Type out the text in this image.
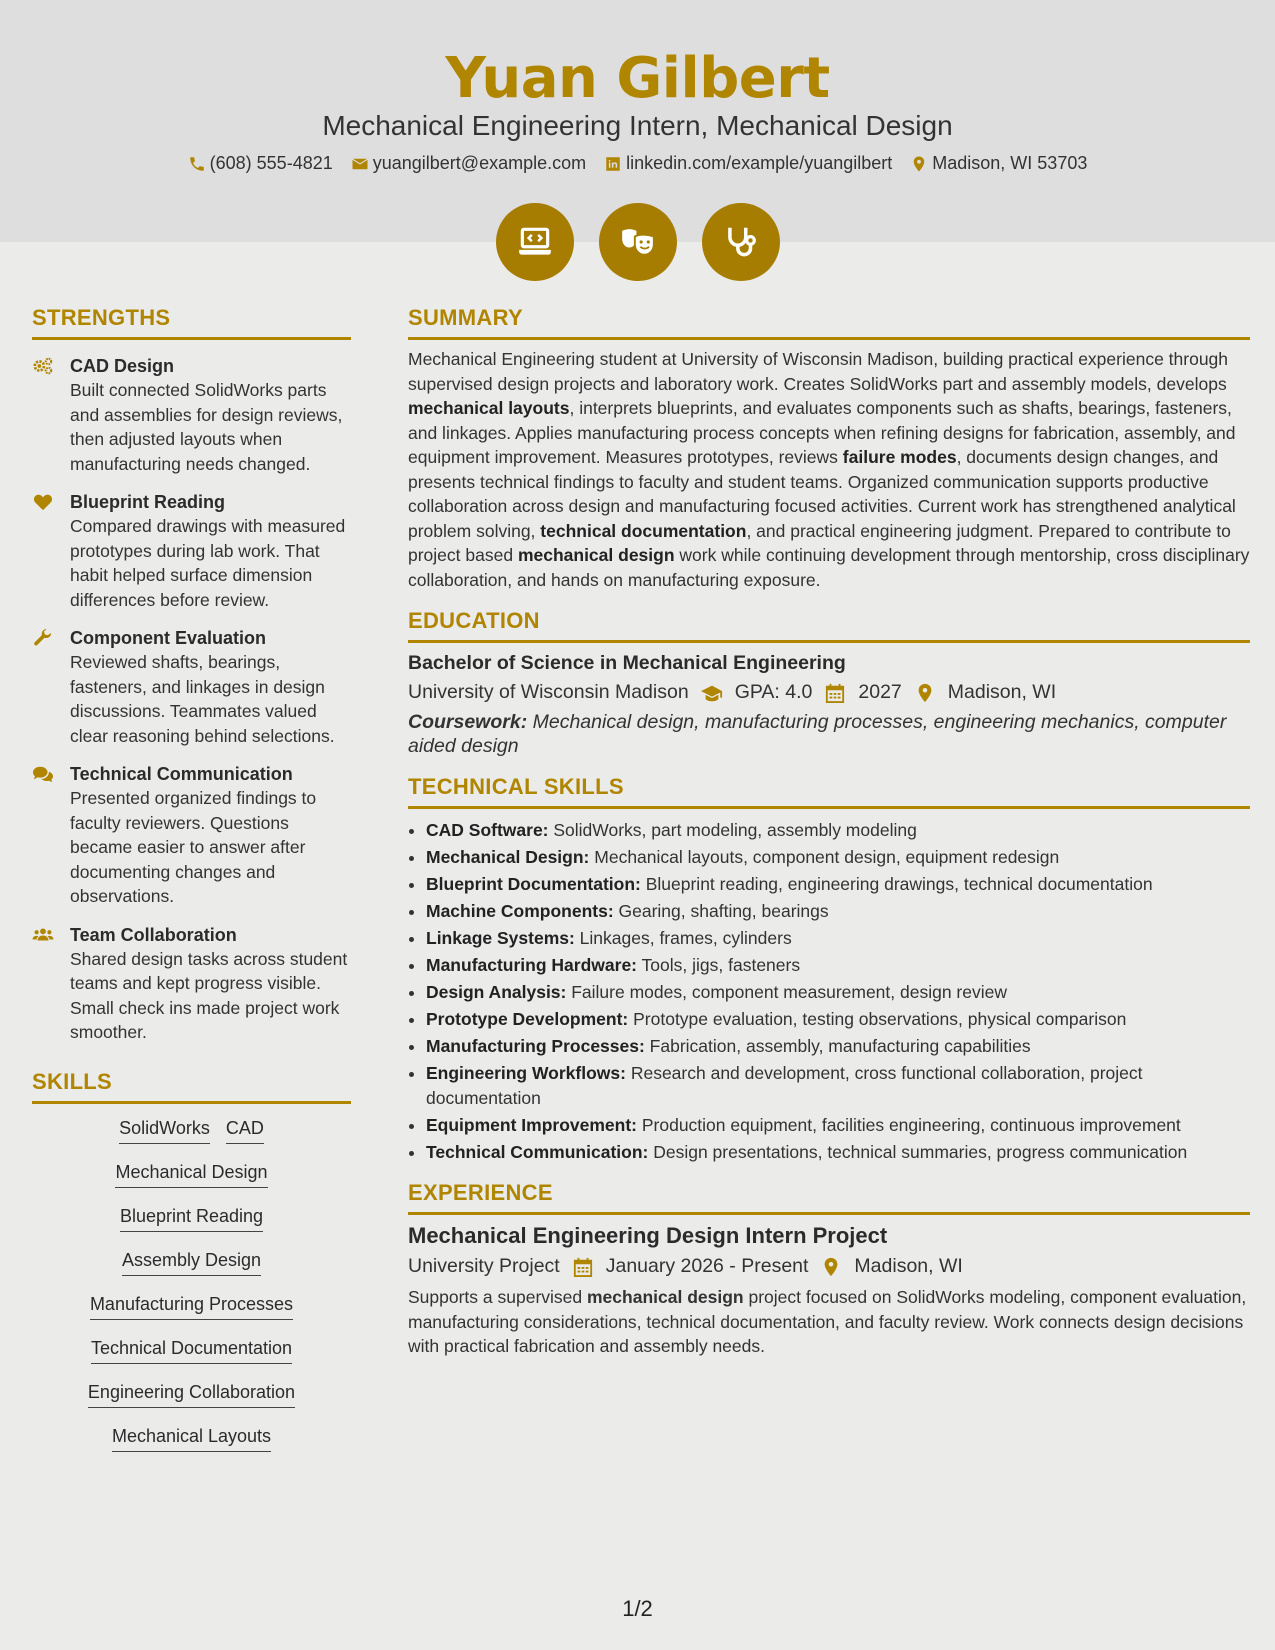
Yuan Gilbert
Mechanical Engineering Intern, Mechanical Design
(608) 555-4821 yuangilbert@example.com linkedin.com/example/yuangilbert Madison, WI 53703
STRENGTHS
CAD Design

Built connected SolidWorks parts and assemblies for design reviews, then adjusted layouts when manufacturing needs changed.

Blueprint Reading

Compared drawings with measured prototypes during lab work. That habit helped surface dimension differences before review.

Component Evaluation

Reviewed shafts, bearings, fasteners, and linkages in design discussions. Teammates valued clear reasoning behind selections.

Technical Communication

Presented organized findings to faculty reviewers. Questions became easier to answer after documenting changes and observations.

Team Collaboration

Shared design tasks across student teams and kept progress visible. Small check ins made project work smoother.

SKILLS
SolidWorks CAD
Mechanical Design
Blueprint Reading
Assembly Design
Manufacturing Processes
Technical Documentation
Engineering Collaboration
Mechanical Layouts
SUMMARY

Mechanical Engineering student at University of Wisconsin Madison, building practical experience through supervised design projects and laboratory work. Creates SolidWorks part and assembly models, develops mechanical layouts, interprets blueprints, and evaluates components such as shafts, bearings, fasteners, and linkages. Applies manufacturing process concepts when refining designs for fabrication, assembly, and equipment improvement. Measures prototypes, reviews failure modes, documents design changes, and presents technical findings to faculty and student teams. Organized communication supports productive collaboration across design and manufacturing focused activities. Current work has strengthened analytical problem solving, technical documentation, and practical engineering judgment. Prepared to contribute to project based mechanical design work while continuing development through mentorship, cross disciplinary collaboration, and hands on manufacturing exposure.

EDUCATION
Bachelor of Science in Mechanical Engineering
University of Wisconsin Madison GPA: 4.0 2027 Madison, WI

Coursework: Mechanical design, manufacturing processes, engineering mechanics, computer aided design

TECHNICAL SKILLS
• CAD Software: SolidWorks, part modeling, assembly modeling
• Mechanical Design: Mechanical layouts, component design, equipment redesign
• Blueprint Documentation: Blueprint reading, engineering drawings, technical documentation
• Machine Components: Gearing, shafting, bearings
• Linkage Systems: Linkages, frames, cylinders
• Manufacturing Hardware: Tools, jigs, fasteners
• Design Analysis: Failure modes, component measurement, design review
• Prototype Development: Prototype evaluation, testing observations, physical comparison
• Manufacturing Processes: Fabrication, assembly, manufacturing capabilities
• Engineering Workflows: Research and development, cross functional collaboration, project documentation
• Equipment Improvement: Production equipment, facilities engineering, continuous improvement
• Technical Communication: Design presentations, technical summaries, progress communication
EXPERIENCE
Mechanical Engineering Design Intern Project
University Project January 2026 - Present Madison, WI

Supports a supervised mechanical design project focused on SolidWorks modeling, component evaluation, manufacturing considerations, technical documentation, and faculty review. Work connects design decisions with practical fabrication and assembly needs.

1/2
